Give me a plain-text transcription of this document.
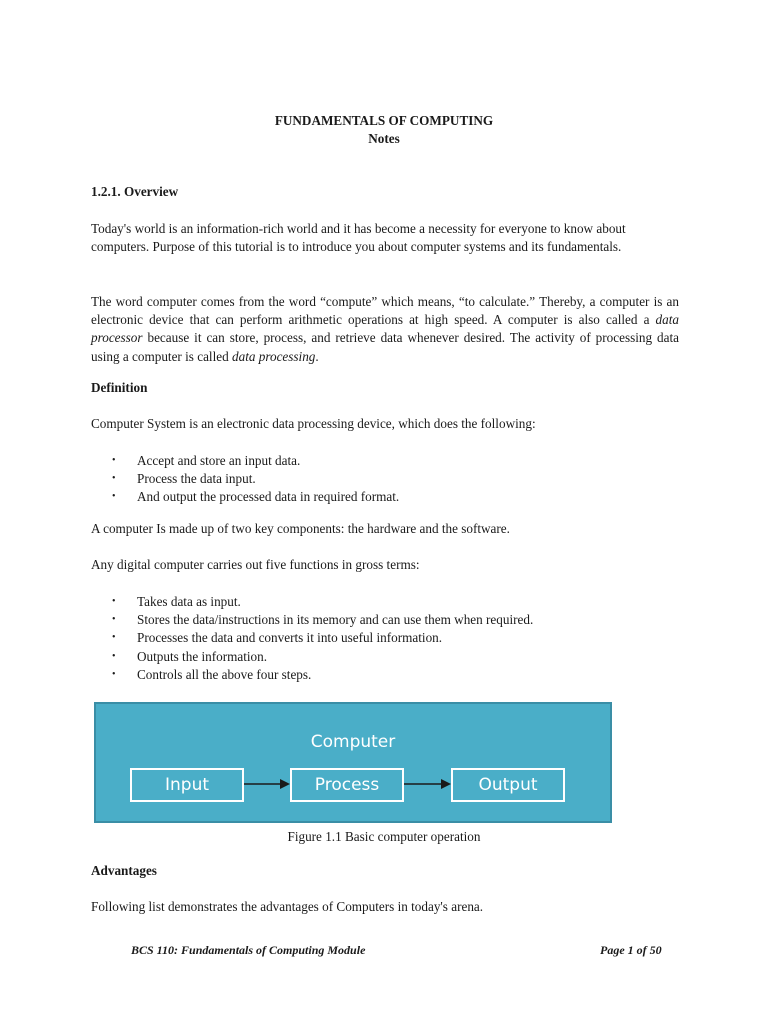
FUNDAMENTALS OF COMPUTING
Notes
1.2.1. Overview
Today's world is an information-rich world and it has become a necessity for everyone to know about computers. Purpose of this tutorial is to introduce you about computer systems and its fundamentals.
The word computer comes from the word “compute” which means, “to calculate.” Thereby, a computer is an electronic device that can perform arithmetic operations at high speed. A computer is also called a data processor because it can store, process, and retrieve data whenever desired. The activity of processing data using a computer is called data processing.
Definition
Computer System is an electronic data processing device, which does the following:
• Accept and store an input data.
• Process the data input.
• And output the processed data in required format.
A computer Is made up of two key components: the hardware and the software.
Any digital computer carries out five functions in gross terms:
• Takes data as input.
• Stores the data/instructions in its memory and can use them when required.
• Processes the data and converts it into useful information.
• Outputs the information.
• Controls all the above four steps.
Computer
Input	Process	Output
Figure 1.1 Basic computer operation
Advantages
Following list demonstrates the advantages of Computers in today's arena.
BCS 110: Fundamentals of Computing Module	Page 1 of 50
